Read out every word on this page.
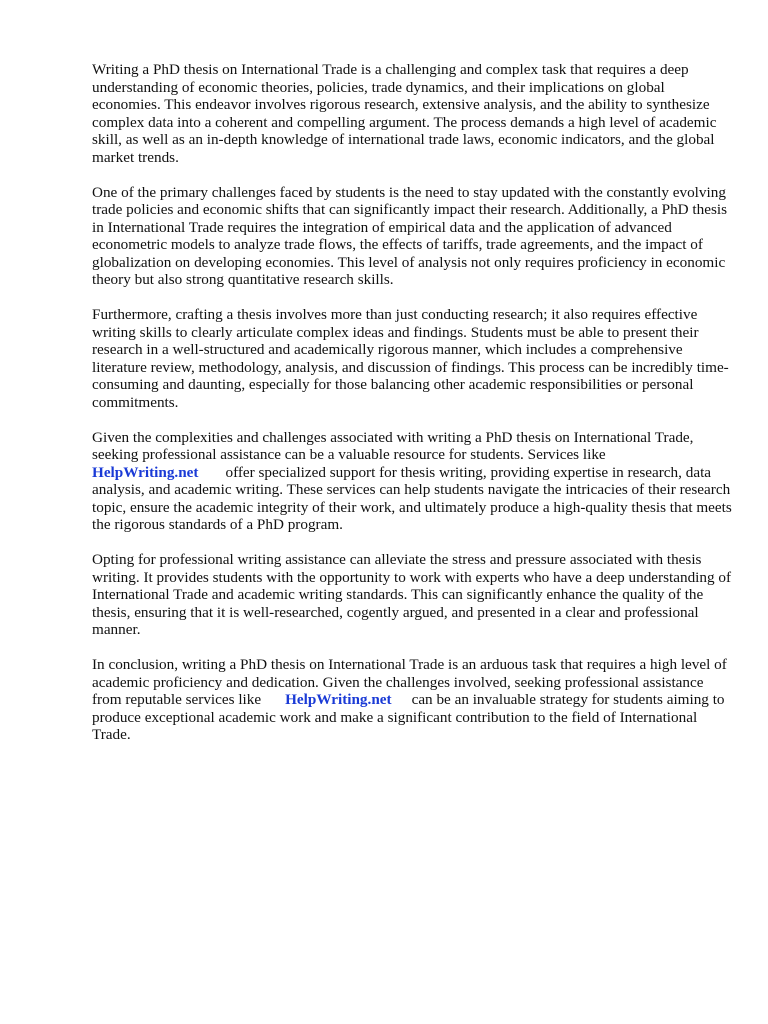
Writing a PhD thesis on International Trade is a challenging and complex task that requires a deep understanding of economic theories, policies, trade dynamics, and their implications on global economies. This endeavor involves rigorous research, extensive analysis, and the ability to synthesize complex data into a coherent and compelling argument. The process demands a high level of academic skill, as well as an in-depth knowledge of international trade laws, economic indicators, and the global market trends.

One of the primary challenges faced by students is the need to stay updated with the constantly evolving trade policies and economic shifts that can significantly impact their research. Additionally, a PhD thesis in International Trade requires the integration of empirical data and the application of advanced econometric models to analyze trade flows, the effects of tariffs, trade agreements, and the impact of globalization on developing economies. This level of analysis not only requires proficiency in economic theory but also strong quantitative research skills.

Furthermore, crafting a thesis involves more than just conducting research; it also requires effective writing skills to clearly articulate complex ideas and findings. Students must be able to present their research in a well-structured and academically rigorous manner, which includes a comprehensive literature review, methodology, analysis, and discussion of findings. This process can be incredibly time-consuming and daunting, especially for those balancing other academic responsibilities or personal commitments.

Given the complexities and challenges associated with writing a PhD thesis on International Trade, seeking professional assistance can be a valuable resource for students. Services like
HelpWriting.net offer specialized support for thesis writing, providing expertise in research, data analysis, and academic writing. These services can help students navigate the intricacies of their research topic, ensure the academic integrity of their work, and ultimately produce a high-quality thesis that meets the rigorous standards of a PhD program.

Opting for professional writing assistance can alleviate the stress and pressure associated with thesis writing. It provides students with the opportunity to work with experts who have a deep understanding of International Trade and academic writing standards. This can significantly enhance the quality of the thesis, ensuring that it is well-researched, cogently argued, and presented in a clear and professional manner.

In conclusion, writing a PhD thesis on International Trade is an arduous task that requires a high level of academic proficiency and dedication. Given the challenges involved, seeking professional assistance from reputable services like HelpWriting.net can be an invaluable strategy for students aiming to produce exceptional academic work and make a significant contribution to the field of International Trade.
